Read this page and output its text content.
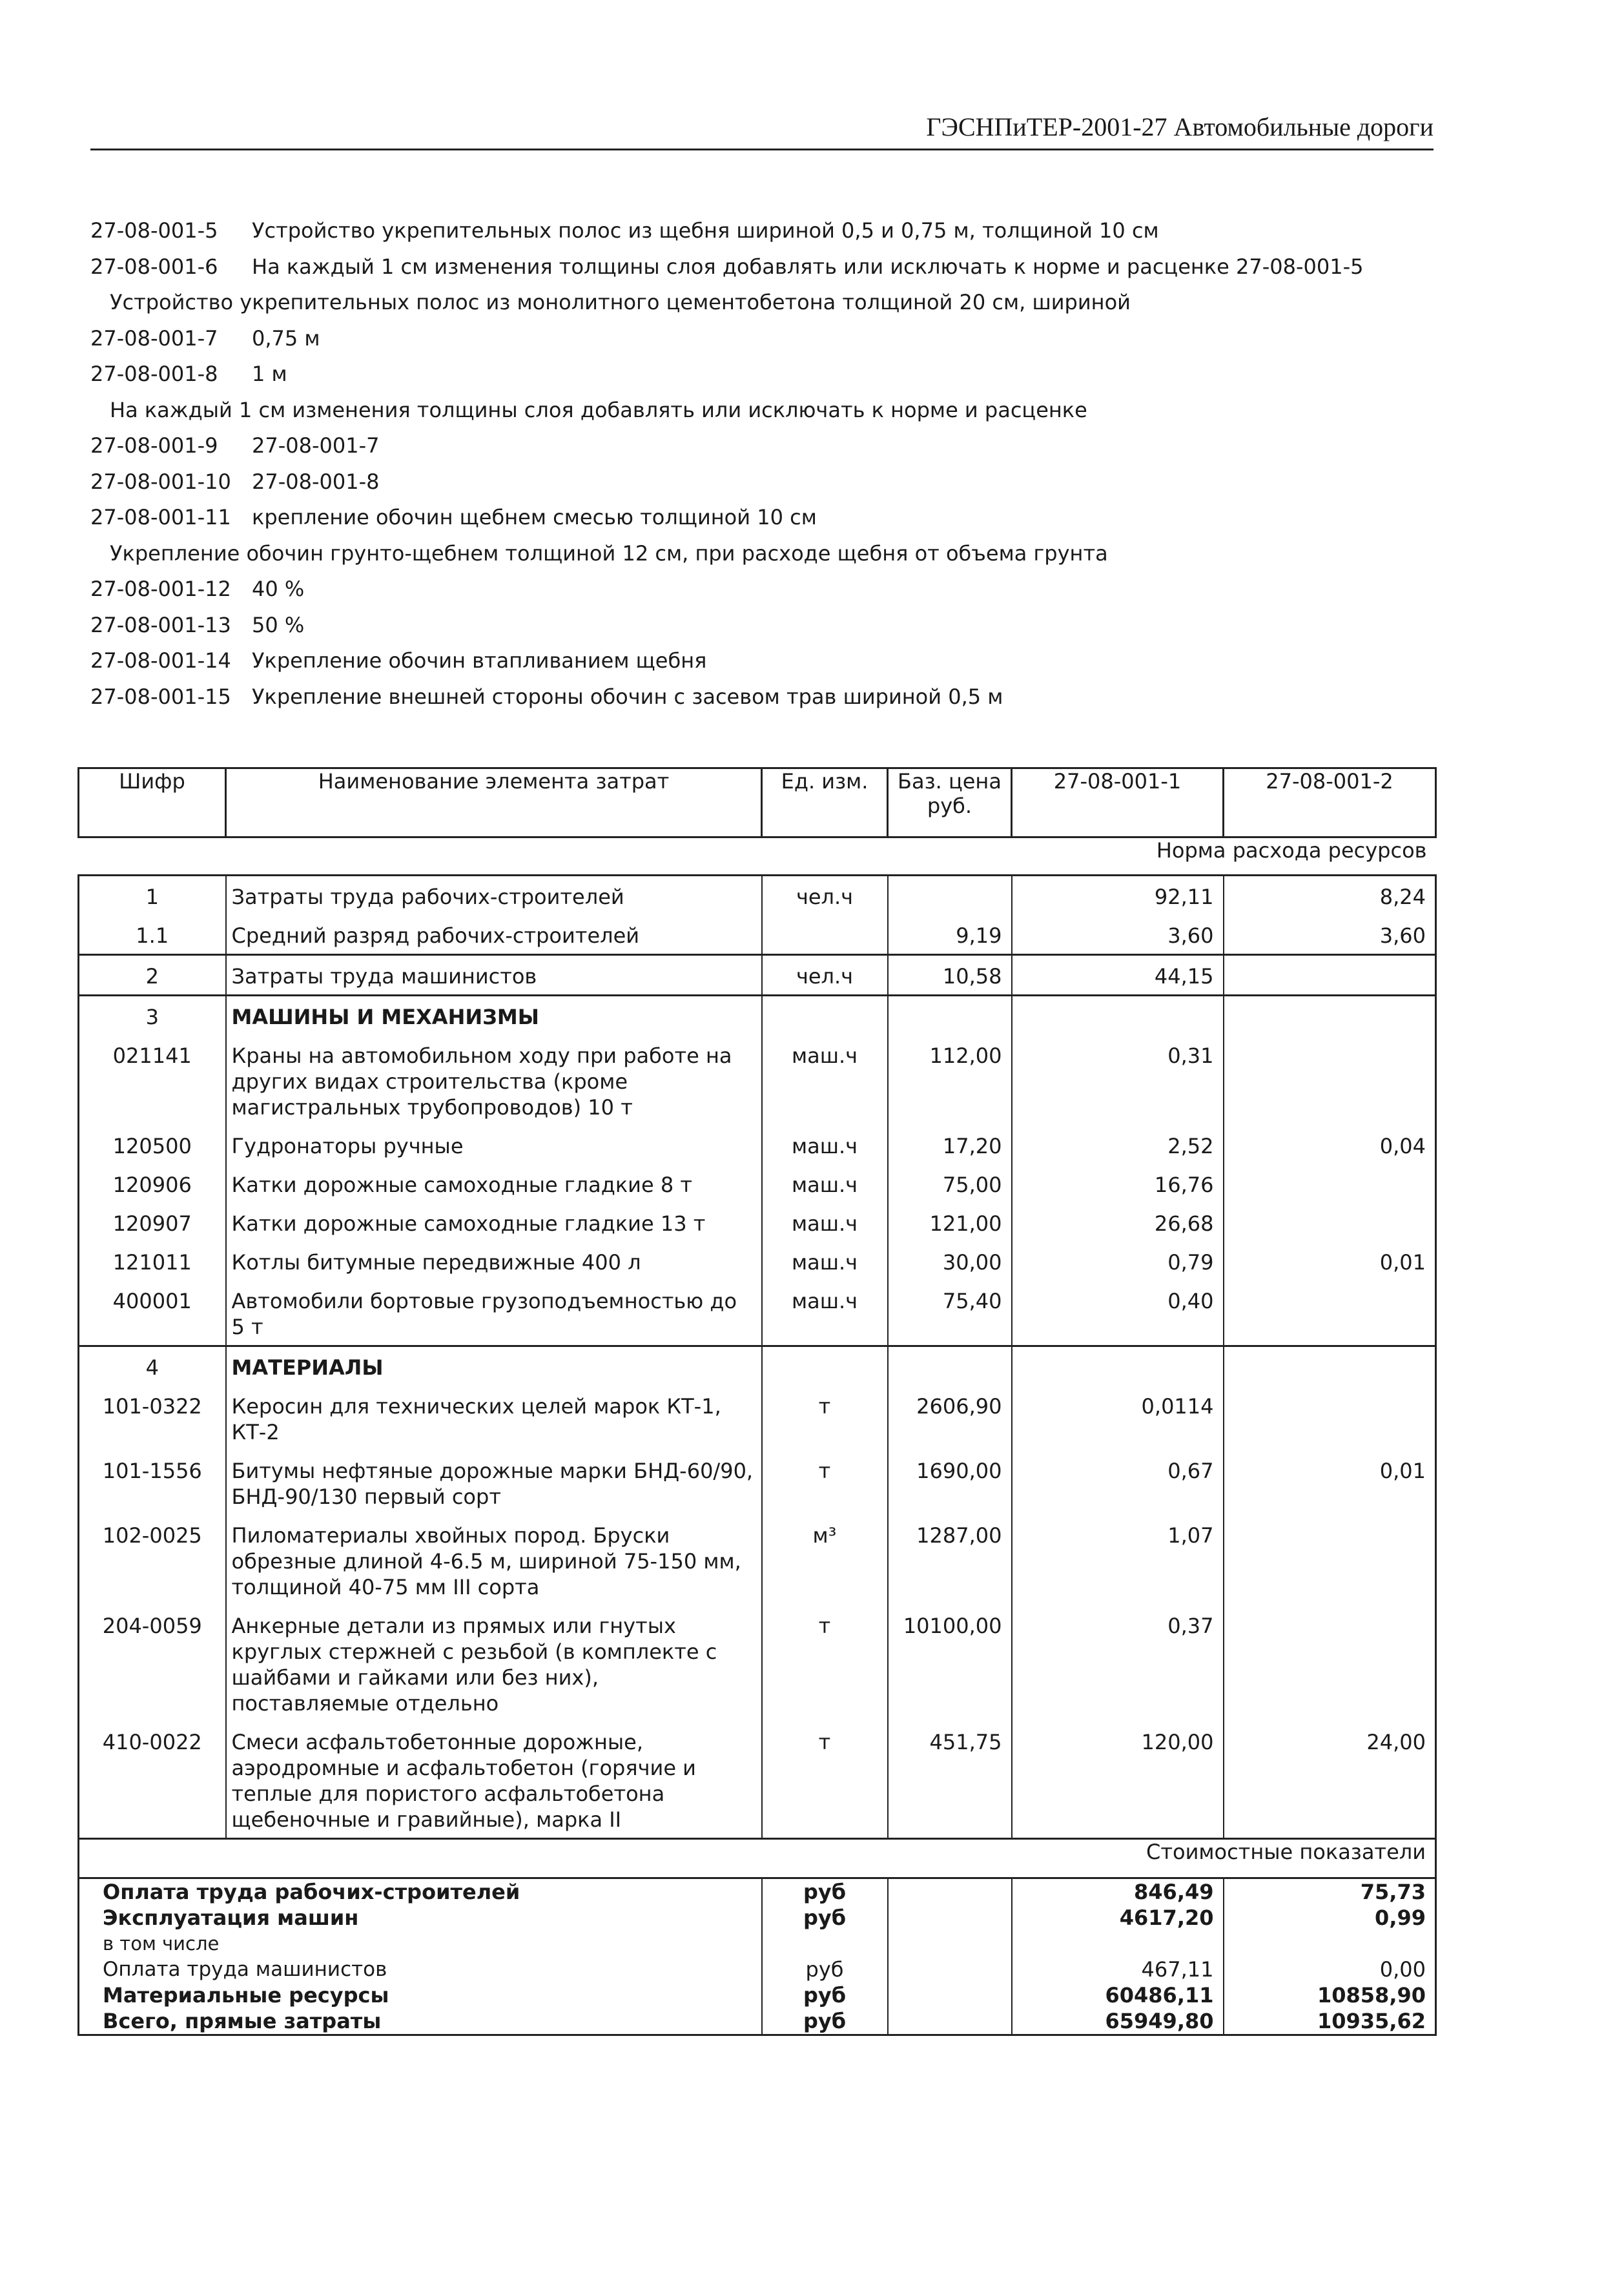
ГЭСНПиТЕР-2001-27 Автомобильные дороги
27-08-001-5 Устройство укрепительных полос из щебня шириной 0,5 и 0,75 м, толщиной 10 см
27-08-001-6 На каждый 1 см изменения толщины слоя добавлять или исключать к норме и расценке 27-08-001-5
Устройство укрепительных полос из монолитного цементобетона толщиной 20 см, шириной
27-08-001-7 0,75 м
27-08-001-8 1 м
На каждый 1 см изменения толщины слоя добавлять или исключать к норме и расценке
27-08-001-9 27-08-001-7
27-08-001-10 27-08-001-8
27-08-001-11 крепление обочин щебнем смесью толщиной 10 см
Укрепление обочин грунто-щебнем толщиной 12 см, при расходе щебня от объема грунта
27-08-001-12 40 %
27-08-001-13 50 %
27-08-001-14 Укрепление обочин втапливанием щебня
27-08-001-15 Укрепление внешней стороны обочин с засевом трав шириной 0,5 м
Шифр	Наименование элемента затрат	Ед. изм.	Баз. цена руб.	27-08-001-1	27-08-001-2
Норма расхода ресурсов					
1	Затраты труда рабочих-строителей	чел.ч		92,11	8,24
1.1	Средний разряд рабочих-строителей		9,19	3,60	3,60
2	Затраты труда машинистов	чел.ч	10,58	44,15	
3	МАШИНЫ И МЕХАНИЗМЫ				
021141	Краны на автомобильном ходу при работе на других видах строительства (кроме магистральных трубопроводов) 10 т	маш.ч	112,00	0,31	
120500	Гудронаторы ручные	маш.ч	17,20	2,52	0,04
120906	Катки дорожные самоходные гладкие 8 т	маш.ч	75,00	16,76	
120907	Катки дорожные самоходные гладкие 13 т	маш.ч	121,00	26,68	
121011	Котлы битумные передвижные 400 л	маш.ч	30,00	0,79	0,01
400001	Автомобили бортовые грузоподъемностью до 5 т	маш.ч	75,40	0,40	
4	МАТЕРИАЛЫ				
101-0322	Керосин для технических целей марок КТ-1, КТ-2	т	2606,90	0,0114	
101-1556	Битумы нефтяные дорожные марки БНД-60/90, БНД-90/130 первый сорт	т	1690,00	0,67	0,01
102-0025	Пиломатериалы хвойных пород. Бруски обрезные длиной 4-6.5 м, шириной 75-150 мм, толщиной 40-75 мм III сорта	м³	1287,00	1,07	
204-0059	Анкерные детали из прямых или гнутых круглых стержней с резьбой (в комплекте с шайбами и гайками или без них), поставляемые отдельно	т	10100,00	0,37	
410-0022	Смеси асфальтобетонные дорожные, аэродромные и асфальтобетон (горячие и теплые для пористого асфальтобетона щебеночные и гравийные), марка II	т	451,75	120,00	24,00
Стоимостные показатели					
Оплата труда рабочих-строителей		руб		846,49	75,73
Эксплуатация машин		руб		4617,20	0,99
в том числе					
Оплата труда машинистов		руб		467,11	0,00
Материальные ресурсы		руб		60486,11	10858,90
Всего, прямые затраты		руб		65949,80	10935,62
